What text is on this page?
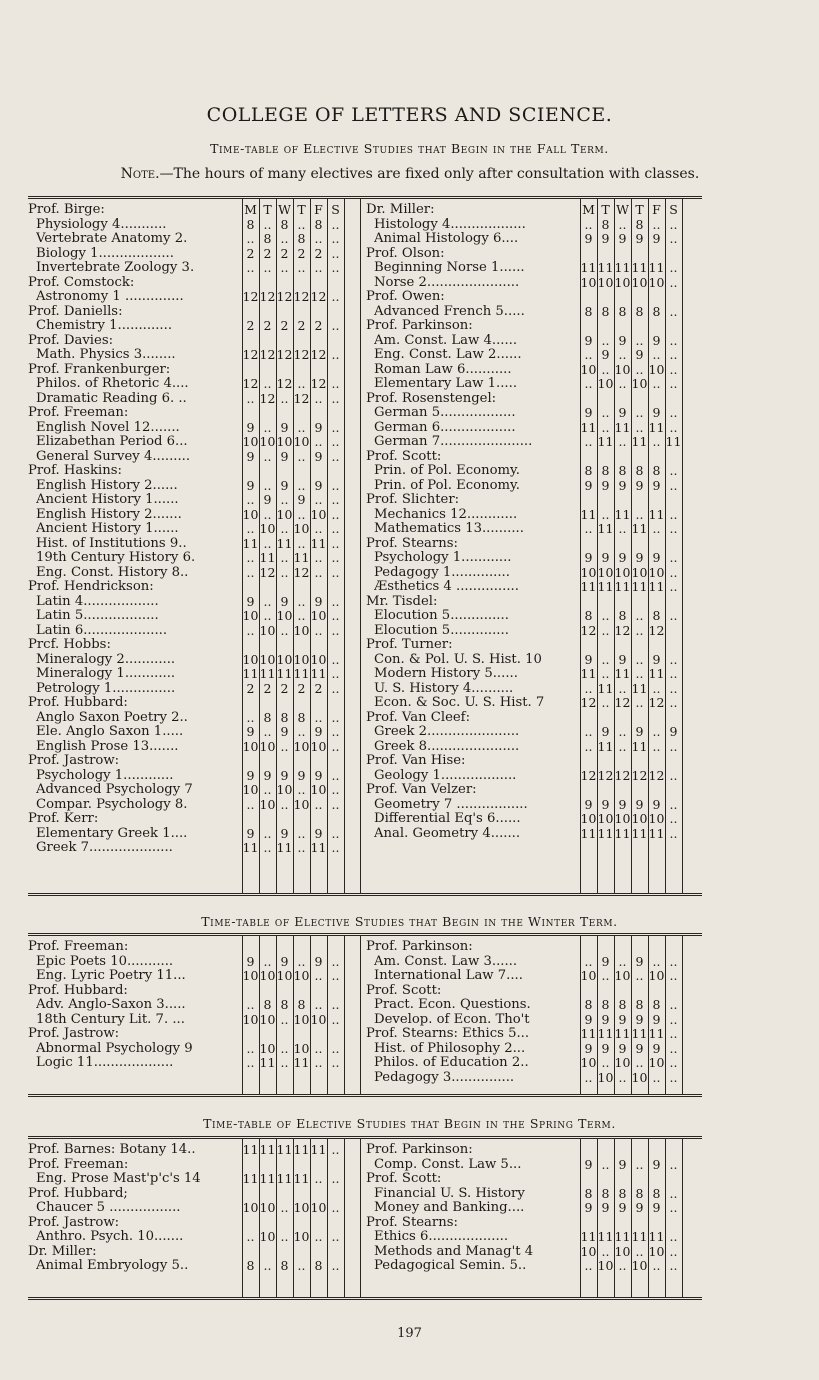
COLLEGE OF LETTERS AND SCIENCE.
Time-table of Elective Studies that Begin in the Fall Term.
Note.—The hours of many electives are fixed only after consultation with classes.
Prof. Birge:	M T W T F S
Physiology 4...........	8 .. 8 .. 8 ..
Vertebrate Anatomy 2.	.. 8 .. 8 .. ..
Biology 1..................	2 2 2 2 2 ..
Invertebrate Zoology 3.	.. .. .. .. .. ..
Prof. Comstock:
Astronomy 1 ..............	12 12 12 12 12 ..
Prof. Daniells:
Chemistry 1.............	2 2 2 2 2 ..
Prof. Davies:
Math. Physics 3........	12 12 12 12 12 ..
Prof. Frankenburger:
Philos. of Rhetoric 4....	12 .. 12 .. 12 ..
Dramatic Reading 6. ..	.. 12 .. 12 .. ..
Prof. Freeman:
English Novel 12.......	9 .. 9 .. 9 ..
Elizabethan Period 6...	10 10 10 10 .. ..
General Survey 4.........	9 .. 9 .. 9 ..
Prof. Haskins:
English History 2......	9 .. 9 .. 9 ..
Ancient History 1......	.. 9 .. 9 .. ..
English History 2.......	10 .. 10 .. 10 ..
Ancient History 1......	.. 10 .. 10 .. ..
Hist. of Institutions 9..	11 .. 11 .. 11 ..
19th Century History 6.	.. 11 .. 11 .. ..
Eng. Const. History 8..	.. 12 .. 12 .. ..
Prof. Hendrickson:
Latin 4..................	9 .. 9 .. 9 ..
Latin 5..................	10 .. 10 .. 10 ..
Latin 6....................	.. 10 .. 10 .. ..
Prcf. Hobbs:
Mineralogy 2............	10 10 10 10 10 ..
Mineralogy 1............	11 11 11 11 11 ..
Petrology 1...............	2 2 2 2 2 ..
Prof. Hubbard:
Anglo Saxon Poetry 2..	.. 8 8 8 .. ..
Ele. Anglo Saxon 1.....	9 .. 9 .. 9 ..
English Prose 13.......	10 10 .. 10 10 ..
Prof. Jastrow:
Psychology 1............	9 9 9 9 9 ..
Advanced Psychology 7	10 .. 10 .. 10 ..
Compar. Psychology 8.	.. 10 .. 10 .. ..
Prof. Kerr:
Elementary Greek 1....	9 .. 9 .. 9 ..
Greek 7....................	11 .. 11 .. 11 ..
Dr. Miller:	M T W T F S
Histology 4..................	.. 8 .. 8 .. ..
Animal Histology 6....	9 9 9 9 9 ..
Prof. Olson:
Beginning Norse 1......	11 11 11 11 11 ..
Norse 2......................	10 10 10 10 10 ..
Prof. Owen:
Advanced French 5.....	8 8 8 8 8 ..
Prof. Parkinson:
Am. Const. Law 4......	9 .. 9 .. 9 ..
Eng. Const. Law 2......	.. 9 .. 9 .. ..
Roman Law 6...........	10 .. 10 .. 10 ..
Elementary Law 1.....	.. 10 .. 10 .. ..
Prof. Rosenstengel:
German 5..................	9 .. 9 .. 9 ..
German 6..................	11 .. 11 .. 11 ..
German 7......................	.. 11 .. 11 .. 11
Prof. Scott:
Prin. of Pol. Economy.	8 8 8 8 8 ..
Prin. of Pol. Economy.	9 9 9 9 9 ..
Prof. Slichter:
Mechanics 12............	11 .. 11 .. 11 ..
Mathematics 13..........	.. 11 .. 11 .. ..
Prof. Stearns:
Psychology 1............	9 9 9 9 9 ..
Pedagogy 1..............	10 10 10 10 10 ..
Æsthetics 4 ...............	11 11 11 11 11 ..
Mr. Tisdel:
Elocution 5..............	8 .. 8 .. 8 ..
Elocution 5..............	12 .. 12 .. 12
Prof. Turner:
Con. & Pol. U. S. Hist. 10	9 .. 9 .. 9 ..
Modern History 5......	11 .. 11 .. 11 ..
U. S. History 4..........	.. 11 .. 11 .. ..
Econ. & Soc. U. S. Hist. 7	12 .. 12 .. 12 ..
Prof. Van Cleef:
Greek 2......................	.. 9 .. 9 .. 9
Greek 8......................	.. 11 .. 11 .. ..
Prof. Van Hise:
Geology 1..................	12 12 12 12 12 ..
Prof. Van Velzer:
Geometry 7 .................	9 9 9 9 9 ..
Differential Eq's 6......	10 10 10 10 10 ..
Anal. Geometry 4.......	11 11 11 11 11 ..
Time-table of Elective Studies that Begin in the Winter Term.
Prof. Freeman:
Epic Poets 10...........	9 .. 9 .. 9 ..
Eng. Lyric Poetry 11...	10 10 10 10 .. ..
Prof. Hubbard:
Adv. Anglo-Saxon 3.....	.. 8 8 8 .. ..
18th Century Lit. 7. ...	10 10 .. 10 10 ..
Prof. Jastrow:
Abnormal Psychology 9	.. 10 .. 10 .. ..
Logic 11...................	.. 11 .. 11 .. ..
Prof. Parkinson:
Am. Const. Law 3......	.. 9 .. 9 .. ..
International Law 7....	10 .. 10 .. 10 ..
Prof. Scott:
Pract. Econ. Questions.	8 8 8 8 8 ..
Develop. of Econ. Tho't	9 9 9 9 9 ..
Prof. Stearns: Ethics 5...	11 11 11 11 11 ..
Hist. of Philosophy 2...	9 9 9 9 9 ..
Philos. of Education 2..	10 .. 10 .. 10 ..
Pedagogy 3...............	.. 10 .. 10 .. ..
Time-table of Elective Studies that Begin in the Spring Term.
Prof. Barnes: Botany 14..	11 11 11 11 11 ..
Prof. Freeman:
Eng. Prose Mast'p'c's 14	11 11 11 11 .. ..
Prof. Hubbard;
Chaucer 5 .................	10 10 .. 10 10 ..
Prof. Jastrow:
Anthro. Psych. 10.......	.. 10 .. 10 .. ..
Dr. Miller:
Animal Embryology 5..	8 .. 8 .. 8 ..
Prof. Parkinson:
Comp. Const. Law 5...	9 .. 9 .. 9 ..
Prof. Scott:
Financial U. S. History	8 8 8 8 8 ..
Money and Banking....	9 9 9 9 9 ..
Prof. Stearns:
Ethics 6...................	11 11 11 11 11 ..
Methods and Manag't 4	10 .. 10 .. 10 ..
Pedagogical Semin. 5..	.. 10 .. 10 .. ..
197
